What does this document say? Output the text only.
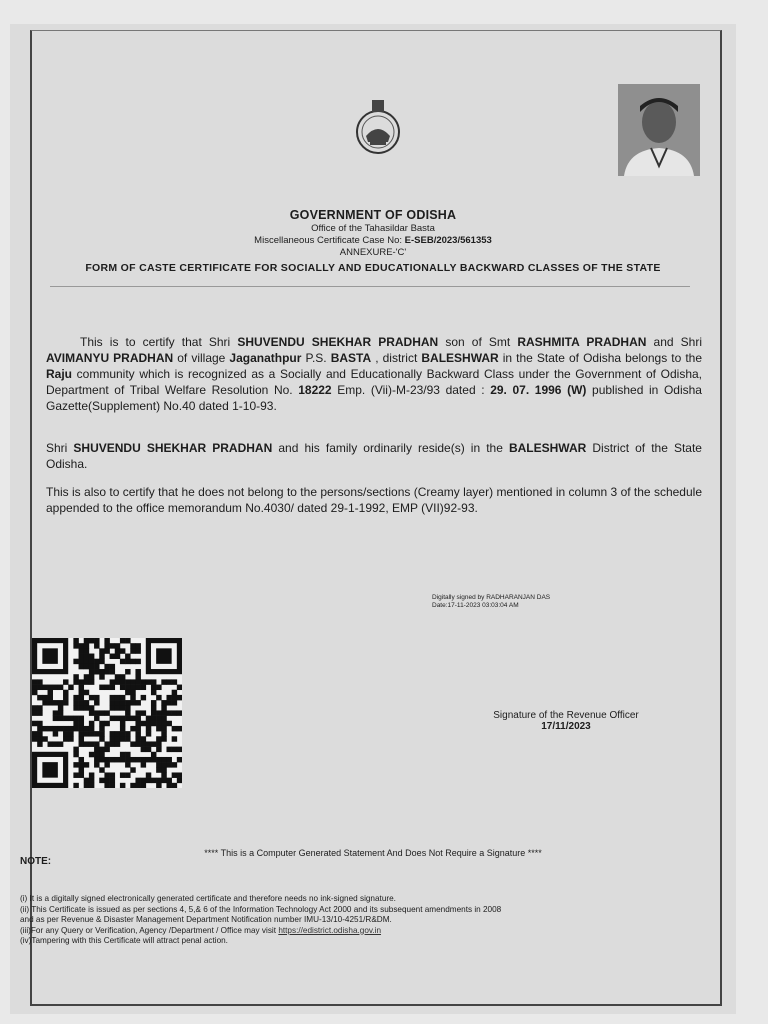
GOVERNMENT OF ODISHA
Office of the Tahasildar Basta
Miscellaneous Certificate Case No: E-SEB/2023/561353
ANNEXURE-'C'
FORM OF CASTE CERTIFICATE FOR SOCIALLY AND EDUCATIONALLY BACKWARD CLASSES OF THE STATE
This is to certify that Shri SHUVENDU SHEKHAR PRADHAN son of Smt RASHMITA PRADHAN and Shri AVIMANYU PRADHAN of village Jaganathpur P.S. BASTA , district BALESHWAR in the State of Odisha belongs to the Raju community which is recognized as a Socially and Educationally Backward Class under the Government of Odisha, Department of Tribal Welfare Resolution No. 18222 Emp. (Vii)-M-23/93 dated : 29. 07. 1996 (W) published in Odisha Gazette(Supplement) No.40 dated 1-10-93.
Shri SHUVENDU SHEKHAR PRADHAN and his family ordinarily reside(s) in the BALESHWAR District of the State Odisha.
This is also to certify that he does not belong to the persons/sections (Creamy layer) mentioned in column 3 of the schedule appended to the office memorandum No.4030/ dated 29-1-1992, EMP (VII)92-93.
Digitally signed by RADHARANJAN DAS
Date:17-11-2023 03:03:04 AM
Signature of the Revenue Officer
17/11/2023
**** This is a Computer Generated Statement And Does Not Require a Signature ****
NOTE:
(i) It is a digitally signed electronically generated certificate and therefore needs no ink-signed signature.
(ii) This Certificate is issued as per sections 4, 5,& 6 of the Information Technology Act 2000 and its subsequent amendments in 2008
and as per Revenue & Disaster Management Department Notification number IMU-13/10-4251/R&DM.
(iii)For any Query or Verification, Agency /Department / Office may visit https://edistrict.odisha.gov.in
(iv)Tampering with this Certificate will attract penal action.
